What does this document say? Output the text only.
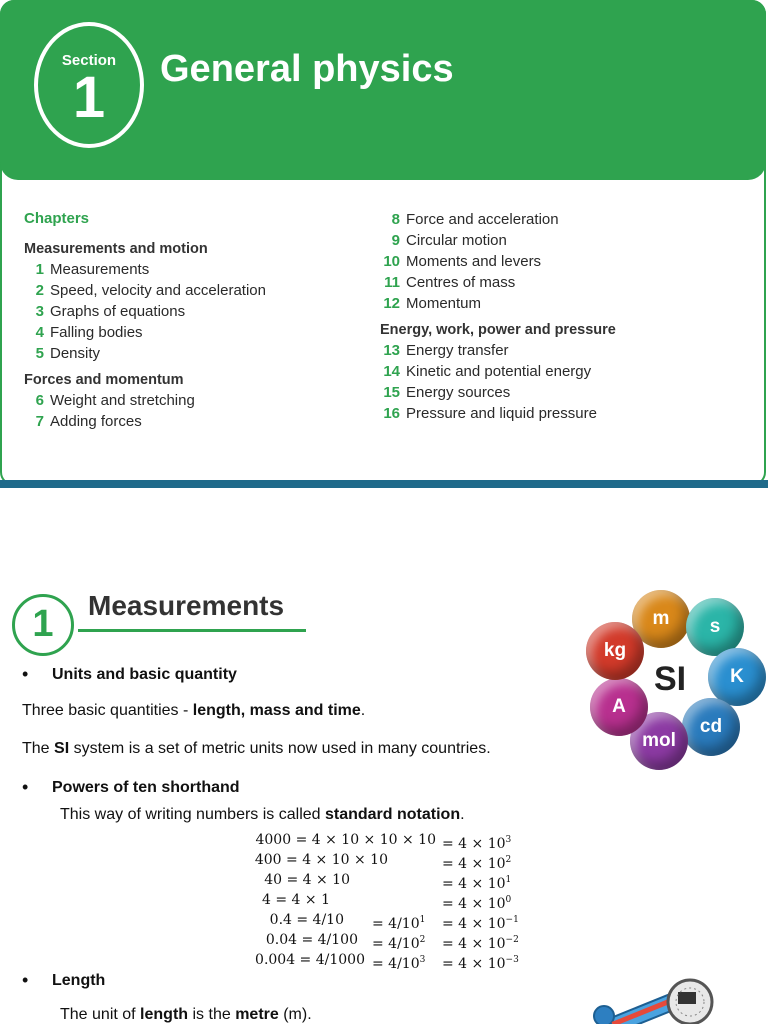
Section
1	General physics
Chapters
Measurements and motion
1 Measurements
2 Speed, velocity and acceleration
3 Graphs of equations
4 Falling bodies
5 Density
Forces and momentum
6 Weight and stretching
7 Adding forces
8 Force and acceleration
9 Circular motion
10 Moments and levers
11 Centres of mass
12 Momentum
Energy, work, power and pressure
13 Energy transfer
14 Kinetic and potential energy
15 Energy sources
16 Pressure and liquid pressure
1	Measurements
• Units and basic quantity
Three basic quantities - length, mass and time.
The SI system is a set of metric units now used in many countries.
• Powers of ten shorthand
This way of writing numbers is called standard notation.
$4000 = 4 \times 10 \times 10 \times 10 = 4 \times 10^3$
400 = 4 × 10 × 10	= $4 \times 10^2$
40 = 4 × 10	= $4 \times 10^1$
4 = 4 × 1	= $4 \times 10^0$
$0.4 = 4/10 = 4/10^1$	= $4 \times 10^{-1}$
$0.04 = 4/100 = 4/10^2$	= $4 \times 10^{-2}$
$0.004 = 4/1000 = 4/10^3$	= $4 \times 10^{-3}$
• Length
The unit of length is the metre (m).
m	s
K
cd
mol
A
kg
SI
